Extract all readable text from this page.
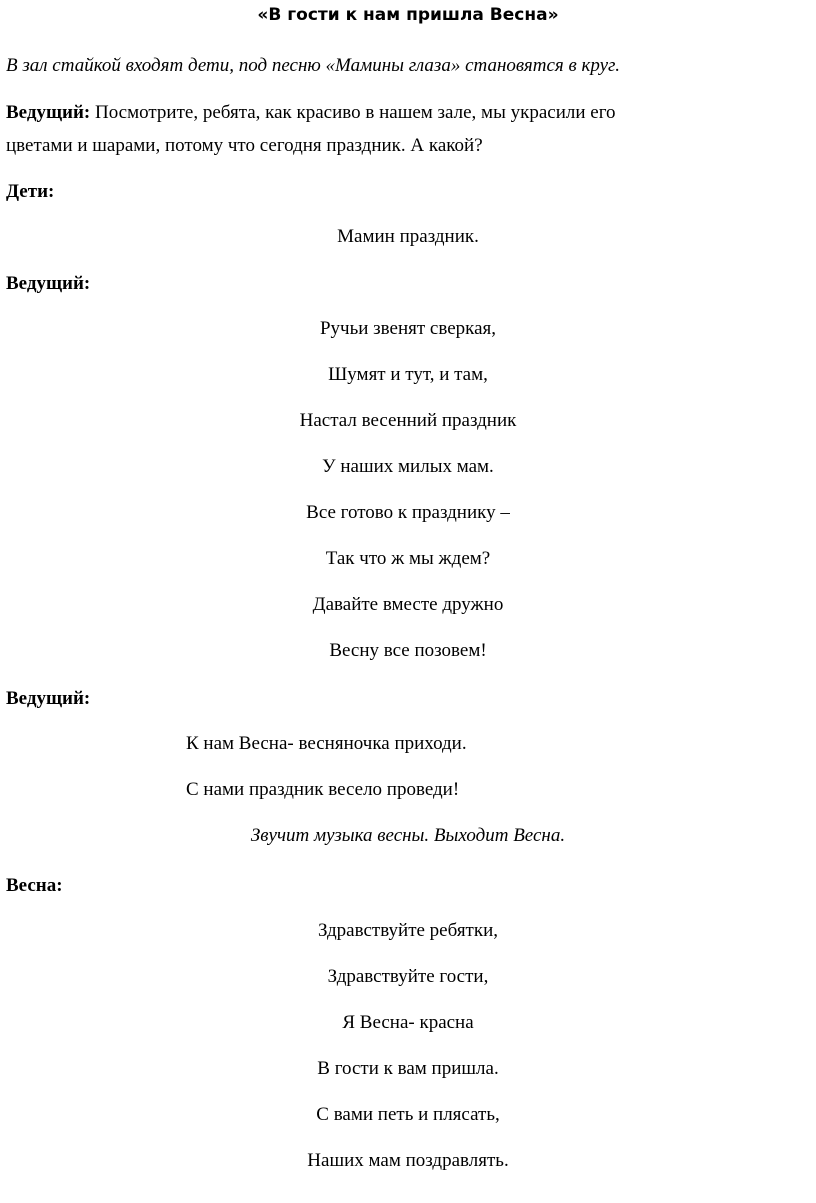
«В гости к нам пришла Весна»
В зал стайкой входят дети, под песню «Мамины глаза» становятся в круг.
Ведущий: Посмотрите, ребята, как красиво в нашем зале, мы украсили его
цветами и шарами, потому что сегодня праздник. А какой?
Дети:
Мамин праздник.
Ведущий:
Ручьи звенят сверкая,
Шумят и тут, и там,
Настал весенний праздник
У наших милых мам.
Все готово к празднику –
Так что ж мы ждем?
Давайте вместе дружно
Весну все позовем!
Ведущий:
К нам Весна- весняночка приходи.
С нами праздник весело проведи!
Звучит музыка весны. Выходит Весна.
Весна:
Здравствуйте ребятки,
Здравствуйте гости,
Я Весна- красна
В гости к вам пришла.
С вами петь и плясать,
Наших мам поздравлять.
